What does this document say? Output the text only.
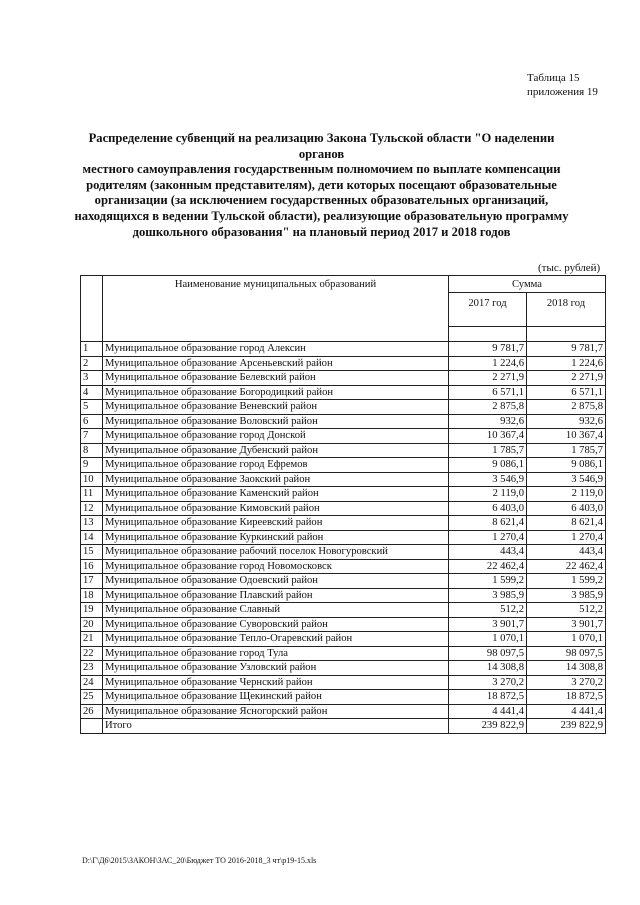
Таблица 15
приложения 19
Распределение субвенций на реализацию Закона Тульской области "О наделении органов
местного самоуправления государственным полномочием по выплате компенсации
родителям (законным представителям), дети которых посещают образовательные
организации (за исключением государственных образовательных организаций,
находящихся в ведении Тульской области), реализующие образовательную программу
дошкольного образования" на плановый период 2017 и 2018 годов
(тыс. рублей)
	Наименование муниципальных образований	Сумма	
		2017 год	2018 год

1	Муниципальное образование город Алексин	9 781,7	9 781,7
2	Муниципальное образование Арсеньевский район	1 224,6	1 224,6
3	Муниципальное образование Белевский район	2 271,9	2 271,9
4	Муниципальное образование Богородицкий район	6 571,1	6 571,1
5	Муниципальное образование Веневский район	2 875,8	2 875,8
6	Муниципальное образование Воловский район	932,6	932,6
7	Муниципальное образование город Донской	10 367,4	10 367,4
8	Муниципальное образование Дубенский район	1 785,7	1 785,7
9	Муниципальное образование город Ефремов	9 086,1	9 086,1
10	Муниципальное образование Заокский район	3 546,9	3 546,9
11	Муниципальное образование Каменский район	2 119,0	2 119,0
12	Муниципальное образование Кимовский район	6 403,0	6 403,0
13	Муниципальное образование Киреевский район	8 621,4	8 621,4
14	Муниципальное образование Куркинский район	1 270,4	1 270,4
15	Муниципальное образование рабочий поселок Новогуровский	443,4	443,4
16	Муниципальное образование город Новомосковск	22 462,4	22 462,4
17	Муниципальное образование Одоевский район	1 599,2	1 599,2
18	Муниципальное образование Плавский район	3 985,9	3 985,9
19	Муниципальное образование Славный	512,2	512,2
20	Муниципальное образование Суворовский район	3 901,7	3 901,7
21	Муниципальное образование Тепло-Огаревский район	1 070,1	1 070,1
22	Муниципальное образование город Тула	98 097,5	98 097,5
23	Муниципальное образование Узловский район	14 308,8	14 308,8
24	Муниципальное образование Чернский район	3 270,2	3 270,2
25	Муниципальное образование Щекинский район	18 872,5	18 872,5
26	Муниципальное образование Ясногорский район	4 441,4	4 441,4
	Итого	239 822,9	239 822,9
D:\Г\Д6\2015\ЗАКОН\ЗАС_20\Бюджет ТО 2016-2018_3 чт\p19-15.xls
